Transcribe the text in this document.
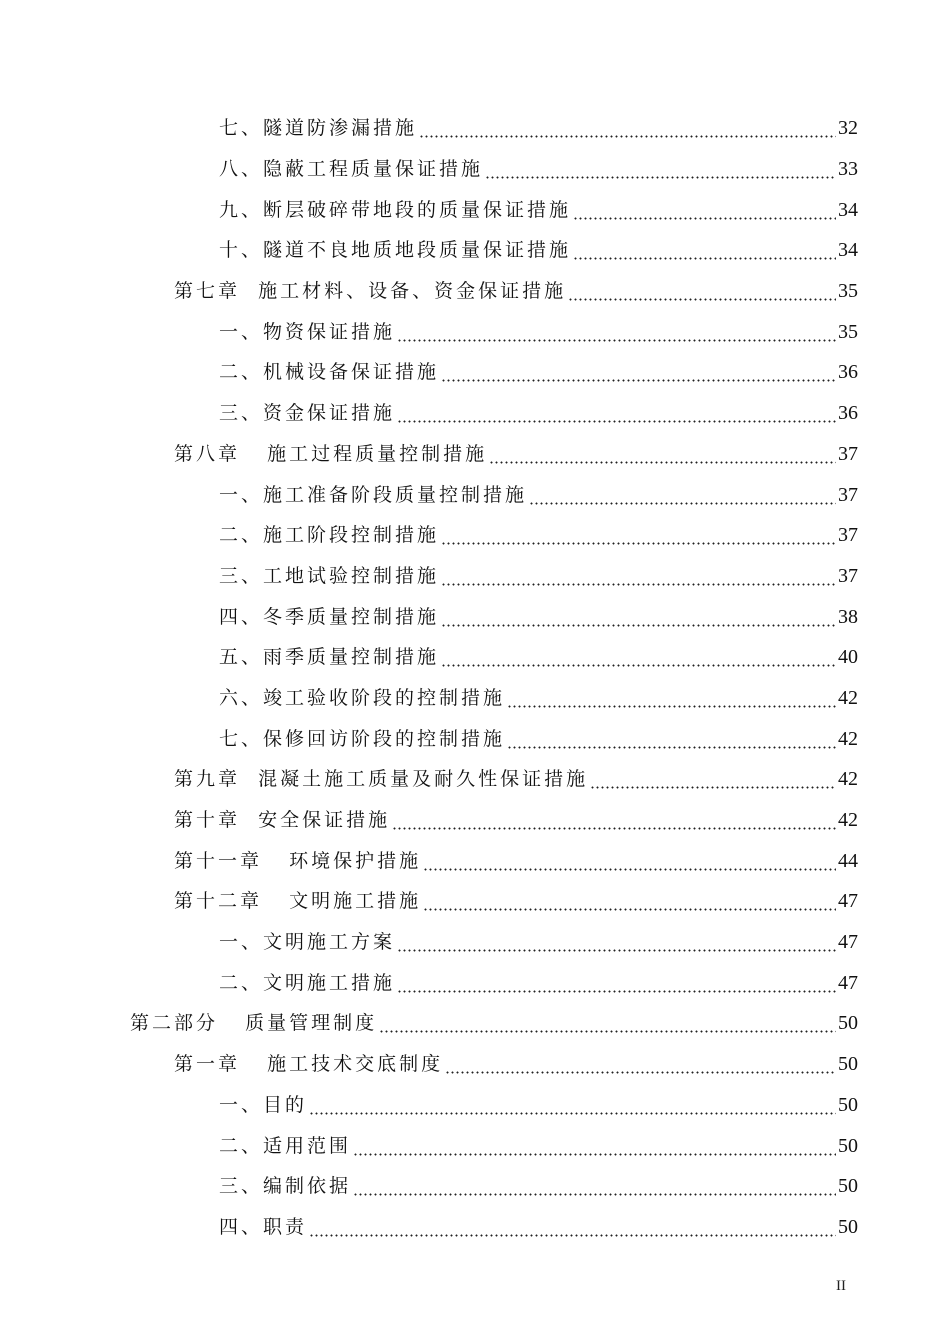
七、隧道防渗漏措施	32
八、隐蔽工程质量保证措施	33
九、断层破碎带地段的质量保证措施	34
十、隧道不良地质地段质量保证措施	34
第七章  施工材料、设备、资金保证措施	35
一、物资保证措施	35
二、机械设备保证措施	36
三、资金保证措施	36
第八章   施工过程质量控制措施	37
一、施工准备阶段质量控制措施	37
二、施工阶段控制措施	37
三、工地试验控制措施	37
四、冬季质量控制措施	38
五、雨季质量控制措施	40
六、竣工验收阶段的控制措施	42
七、保修回访阶段的控制措施	42
第九章  混凝土施工质量及耐久性保证措施	42
第十章  安全保证措施	42
第十一章   环境保护措施	44
第十二章   文明施工措施	47
一、文明施工方案	47
二、文明施工措施	47
第二部分   质量管理制度	50
第一章   施工技术交底制度	50
一、目的	50
二、适用范围	50
三、编制依据	50
四、职责	50
II
